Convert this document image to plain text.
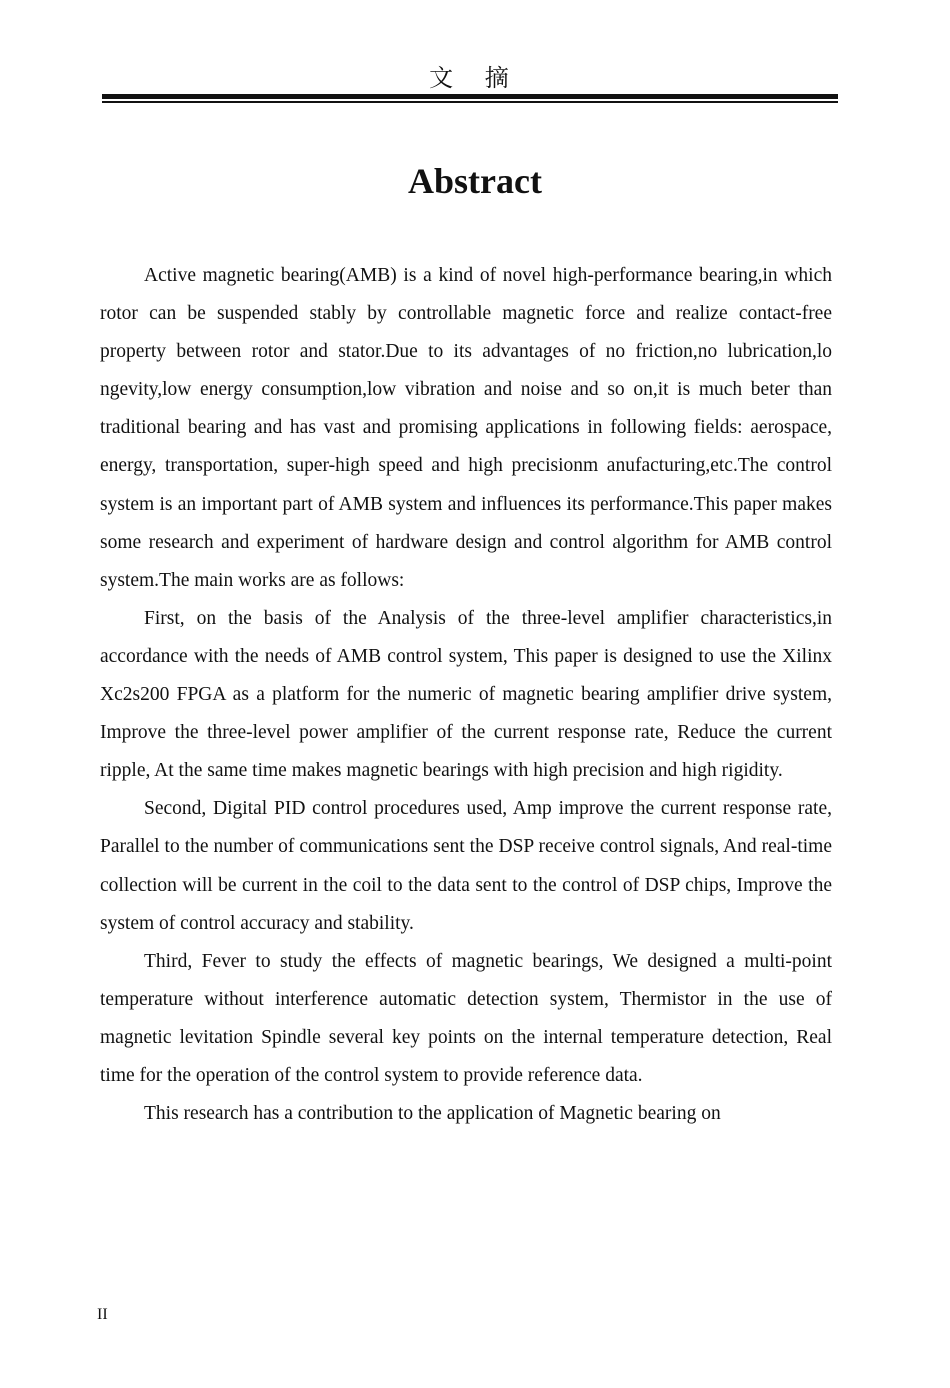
文 摘
Abstract

Active magnetic bearing(AMB) is a kind of novel high-performance bearing,in which rotor can be suspended stably by controllable magnetic force and realize contact-free property between rotor and stator.Due to its advantages of no friction,no lubrication,lo ngevity,low energy consumption,low vibration and noise and so on,it is much beter than traditional bearing and has vast and promising applications in following fields: aerospace, energy, transportation, super-high speed and high precisionm anufacturing,etc.The control system is an important part of AMB system and influences its performance.This paper makes some research and experiment of hardware design and control algorithm for AMB control system.The main works are as follows:

First, on the basis of the Analysis of the three-level amplifier characteristics,in accordance with the needs of AMB control system, This paper is designed to use the Xilinx Xc2s200 FPGA as a platform for the numeric of magnetic bearing amplifier drive system, Improve the three-level power amplifier of the current response rate, Reduce the current ripple, At the same time makes magnetic bearings with high precision and high rigidity.

Second, Digital PID control procedures used, Amp improve the current response rate, Parallel to the number of communications sent the DSP receive control signals, And real-time collection will be current in the coil to the data sent to the control of DSP chips, Improve the system of control accuracy and stability.

Third, Fever to study the effects of magnetic bearings, We designed a multi-point temperature without interference automatic detection system, Thermistor in the use of magnetic levitation Spindle several key points on the internal temperature detection, Real time for the operation of the control system to provide reference data.

This research has a contribution to the application of Magnetic bearing on

II
